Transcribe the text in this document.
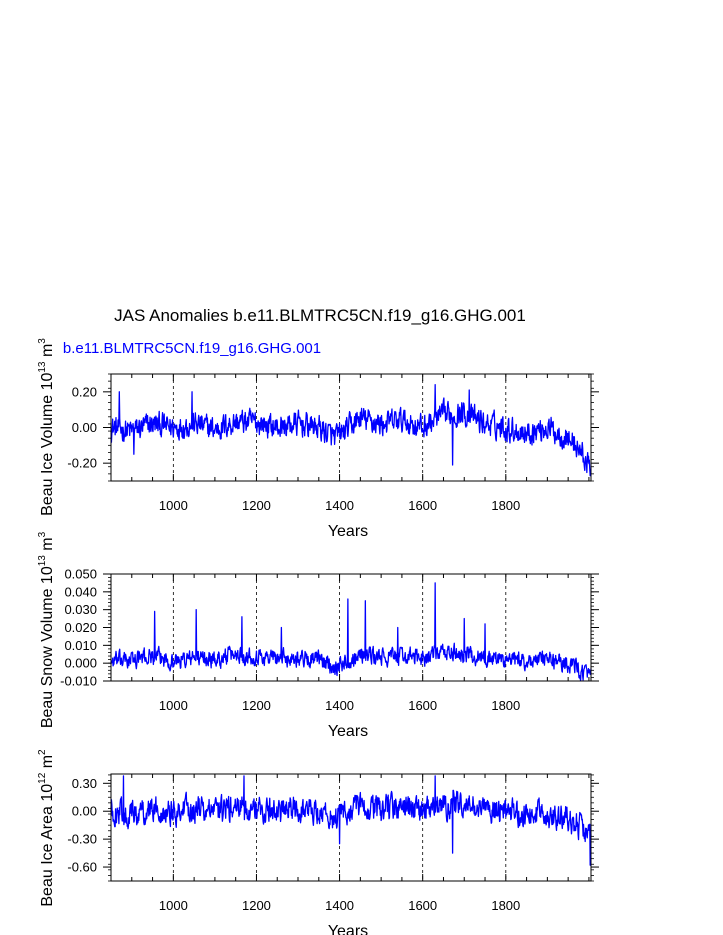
JAS Anomalies b.e11.BLMTRC5CN.f19_g16.GHG.001
b.e11.BLMTRC5CN.f19_g16.GHG.001
-0.20
0.00
0.20
1000	1200	1400	1600	1800
Years
Beau Ice Volume $10^{13}$ $m^3$
-0.010
0.000
0.010
0.020
0.030
0.040
0.050
1000	1200	1400	1600	1800
Years
Beau Snow Volume $10^{13}$ $m^3$
-0.60
-0.30
0.00
0.30
1000	1200	1400	1600	1800
Years
Beau Ice Area $10^{12}$ $m^2$
